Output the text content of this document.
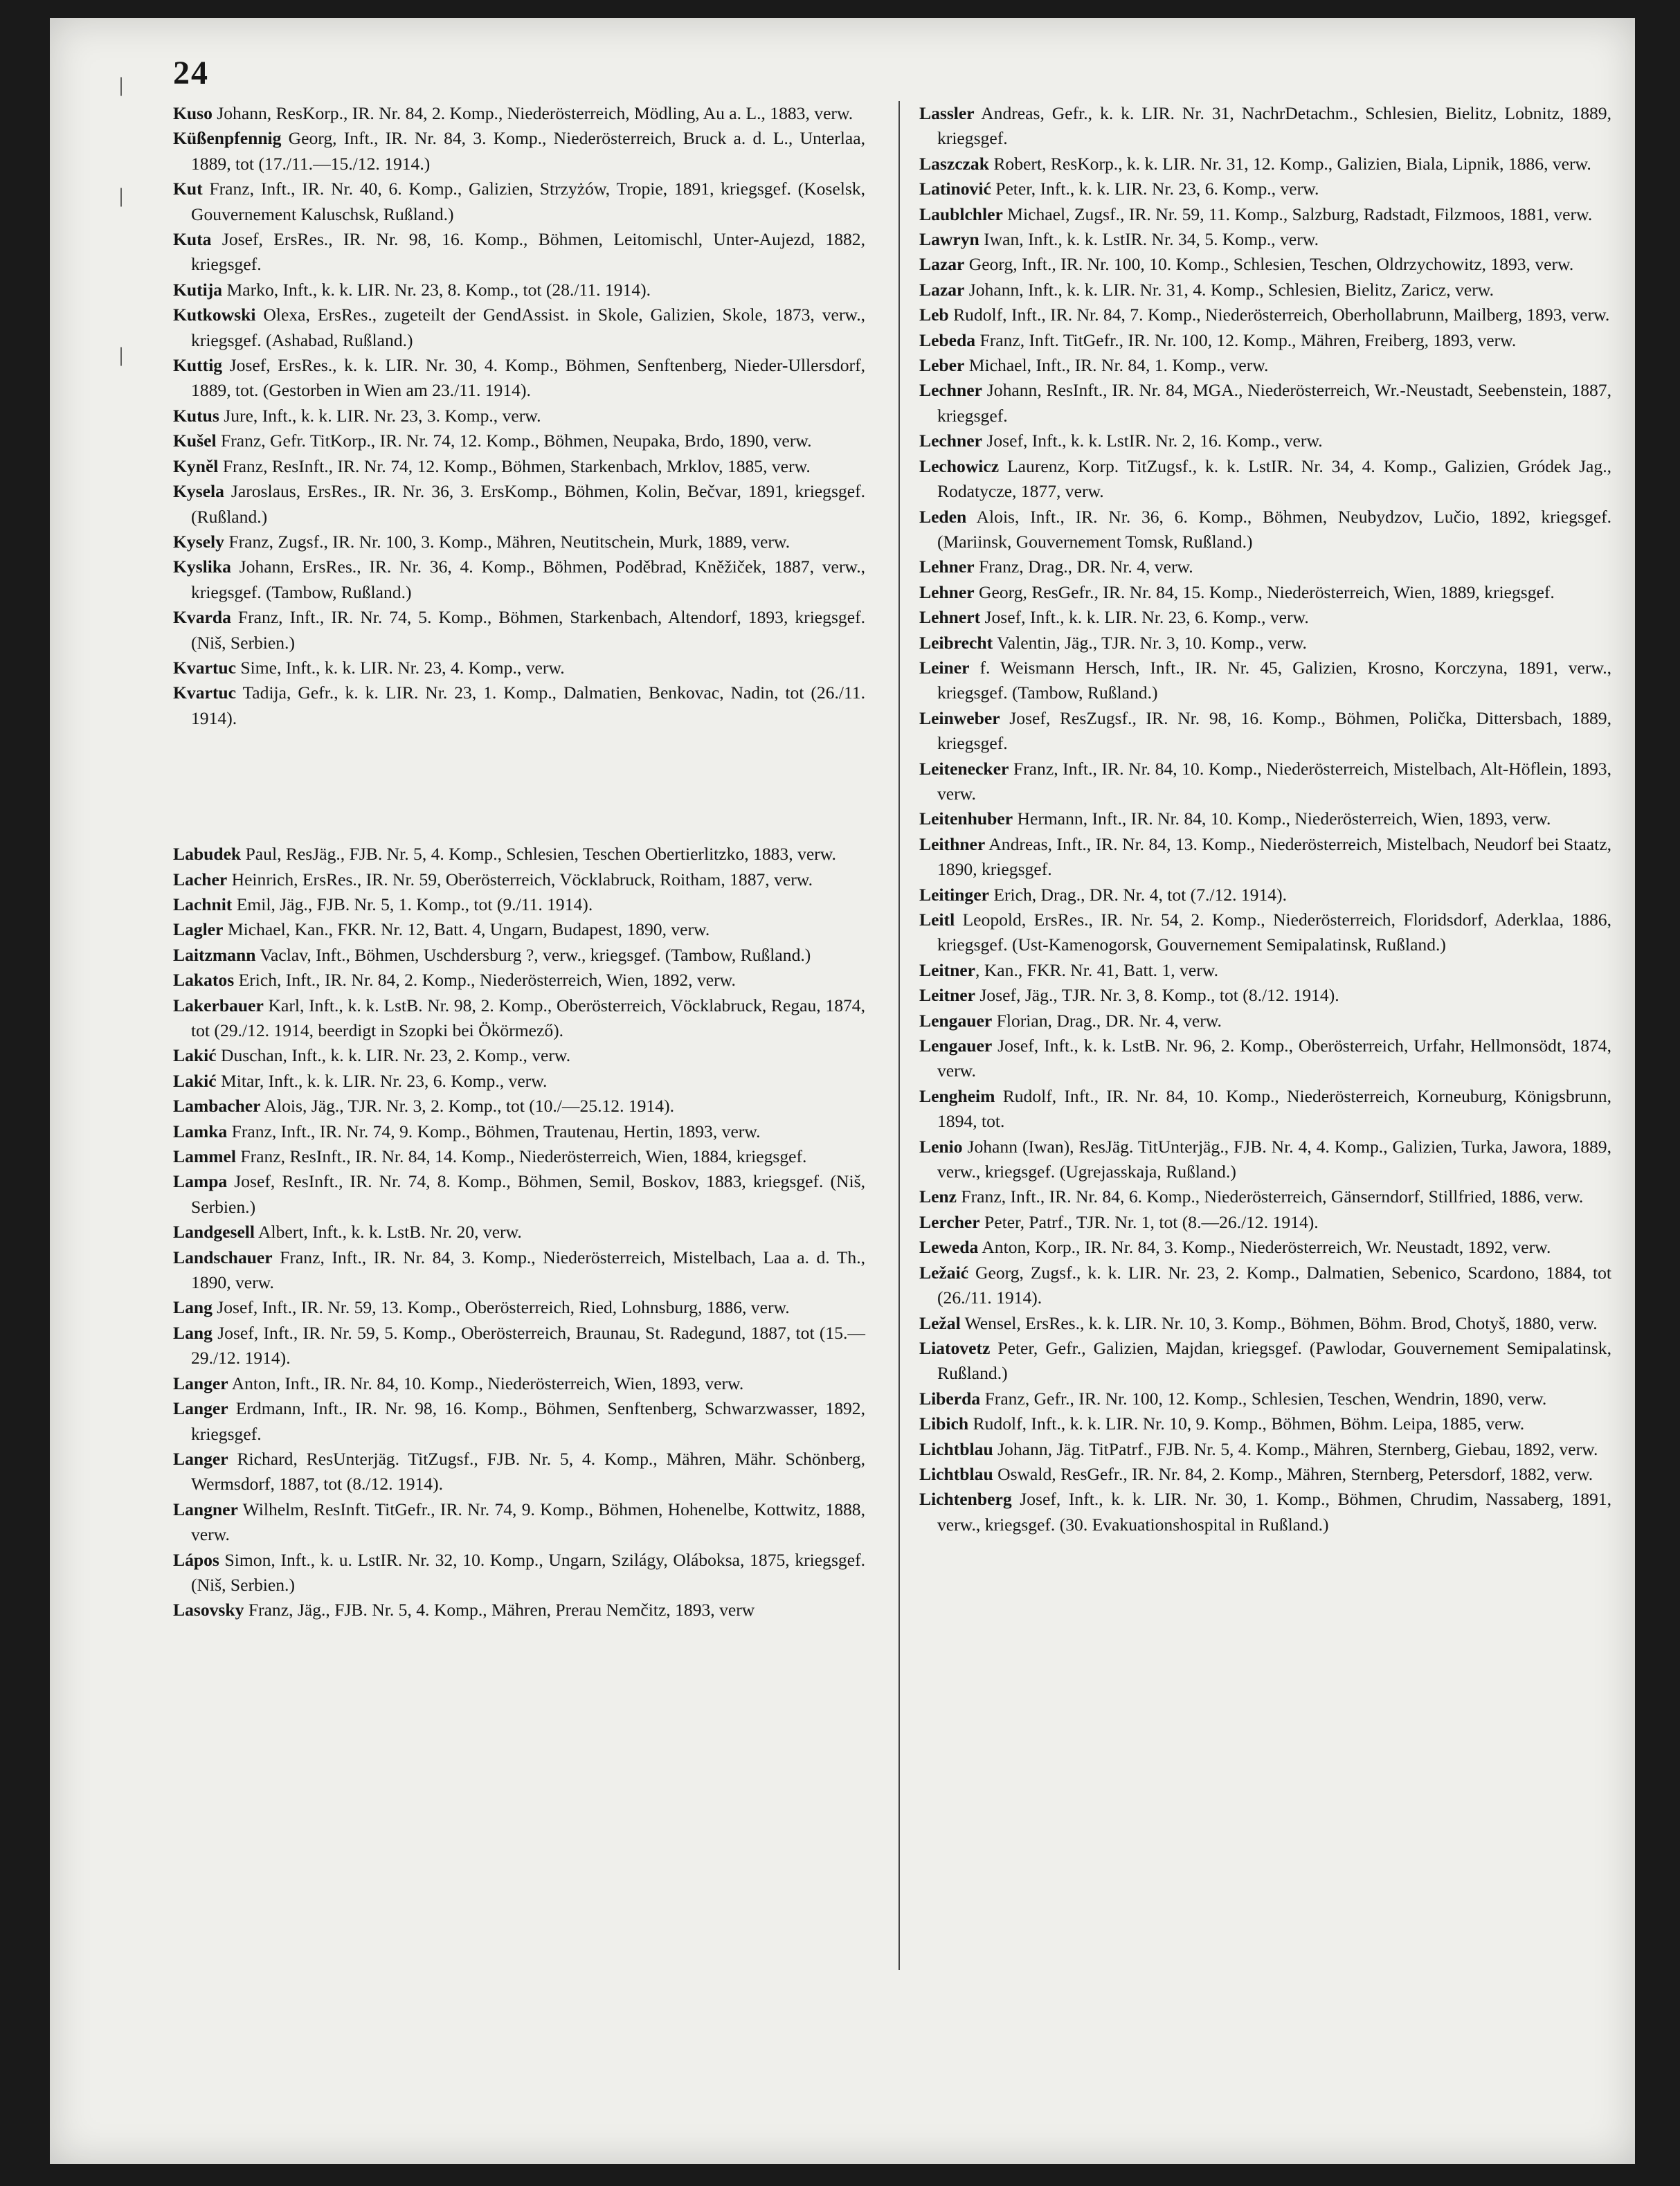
24
Kuso Johann, ResKorp., IR. Nr. 84, 2. Komp., Niederösterreich, Mödling, Au a. L., 1883, verw.
Küßenpfennig Georg, Inft., IR. Nr. 84, 3. Komp., Niederösterreich, Bruck a. d. L., Unterlaa, 1889, tot (17./11.—15./12. 1914.)
Kut Franz, Inft., IR. Nr. 40, 6. Komp., Galizien, Strzyżów, Tropie, 1891, kriegsgef. (Koselsk, Gouvernement Kaluschsk, Rußland.)
Kuta Josef, ErsRes., IR. Nr. 98, 16. Komp., Böhmen, Leitomischl, Unter-Aujezd, 1882, kriegsgef.
Kutija Marko, Inft., k. k. LIR. Nr. 23, 8. Komp., tot (28./11. 1914).
Kutkowski Olexa, ErsRes., zugeteilt der GendAssist. in Skole, Galizien, Skole, 1873, verw., kriegsgef. (Ashabad, Rußland.)
Kuttig Josef, ErsRes., k. k. LIR. Nr. 30, 4. Komp., Böhmen, Senftenberg, Nieder-Ullersdorf, 1889, tot. (Gestorben in Wien am 23./11. 1914).
Kutus Jure, Inft., k. k. LIR. Nr. 23, 3. Komp., verw.
Kušel Franz, Gefr. TitKorp., IR. Nr. 74, 12. Komp., Böhmen, Neupaka, Brdo, 1890, verw.
Kyněl Franz, ResInft., IR. Nr. 74, 12. Komp., Böhmen, Starkenbach, Mrklov, 1885, verw.
Kysela Jaroslaus, ErsRes., IR. Nr. 36, 3. ErsKomp., Böhmen, Kolin, Bečvar, 1891, kriegsgef. (Rußland.)
Kysely Franz, Zugsf., IR. Nr. 100, 3. Komp., Mähren, Neutitschein, Murk, 1889, verw.
Kyslika Johann, ErsRes., IR. Nr. 36, 4. Komp., Böhmen, Poděbrad, Kněžiček, 1887, verw., kriegsgef. (Tambow, Rußland.)
Kvarda Franz, Inft., IR. Nr. 74, 5. Komp., Böhmen, Starkenbach, Altendorf, 1893, kriegsgef. (Niš, Serbien.)
Kvartuc Sime, Inft., k. k. LIR. Nr. 23, 4. Komp., verw.
Kvartuc Tadija, Gefr., k. k. LIR. Nr. 23, 1. Komp., Dalmatien, Benkovac, Nadin, tot (26./11. 1914).
Labudek Paul, ResJäg., FJB. Nr. 5, 4. Komp., Schlesien, Teschen Obertierlitzko, 1883, verw.
Lacher Heinrich, ErsRes., IR. Nr. 59, Oberösterreich, Vöcklabruck, Roitham, 1887, verw.
Lachnit Emil, Jäg., FJB. Nr. 5, 1. Komp., tot (9./11. 1914).
Lagler Michael, Kan., FKR. Nr. 12, Batt. 4, Ungarn, Budapest, 1890, verw.
Laitzmann Vaclav, Inft., Böhmen, Uschdersburg ?, verw., kriegsgef. (Tambow, Rußland.)
Lakatos Erich, Inft., IR. Nr. 84, 2. Komp., Niederösterreich, Wien, 1892, verw.
Lakerbauer Karl, Inft., k. k. LstB. Nr. 98, 2. Komp., Oberösterreich, Vöcklabruck, Regau, 1874, tot (29./12. 1914, beerdigt in Szopki bei Ökörmező).
Lakić Duschan, Inft., k. k. LIR. Nr. 23, 2. Komp., verw.
Lakić Mitar, Inft., k. k. LIR. Nr. 23, 6. Komp., verw.
Lambacher Alois, Jäg., TJR. Nr. 3, 2. Komp., tot (10./—25.12. 1914).
Lamka Franz, Inft., IR. Nr. 74, 9. Komp., Böhmen, Trautenau, Hertin, 1893, verw.
Lammel Franz, ResInft., IR. Nr. 84, 14. Komp., Niederösterreich, Wien, 1884, kriegsgef.
Lampa Josef, ResInft., IR. Nr. 74, 8. Komp., Böhmen, Semil, Boskov, 1883, kriegsgef. (Niš, Serbien.)
Landgesell Albert, Inft., k. k. LstB. Nr. 20, verw.
Landschauer Franz, Inft., IR. Nr. 84, 3. Komp., Niederösterreich, Mistelbach, Laa a. d. Th., 1890, verw.
Lang Josef, Inft., IR. Nr. 59, 13. Komp., Oberösterreich, Ried, Lohnsburg, 1886, verw.
Lang Josef, Inft., IR. Nr. 59, 5. Komp., Oberösterreich, Braunau, St. Radegund, 1887, tot (15.—29./12. 1914).
Langer Anton, Inft., IR. Nr. 84, 10. Komp., Niederösterreich, Wien, 1893, verw.
Langer Erdmann, Inft., IR. Nr. 98, 16. Komp., Böhmen, Senftenberg, Schwarzwasser, 1892, kriegsgef.
Langer Richard, ResUnterjäg. TitZugsf., FJB. Nr. 5, 4. Komp., Mähren, Mähr. Schönberg, Wermsdorf, 1887, tot (8./12. 1914).
Langner Wilhelm, ResInft. TitGefr., IR. Nr. 74, 9. Komp., Böhmen, Hohenelbe, Kottwitz, 1888, verw.
Lápos Simon, Inft., k. u. LstIR. Nr. 32, 10. Komp., Ungarn, Szilágy, Oláboksa, 1875, kriegsgef. (Niš, Serbien.)
Lasovsky Franz, Jäg., FJB. Nr. 5, 4. Komp., Mähren, Prerau Nemčitz, 1893, verw
Lassler Andreas, Gefr., k. k. LIR. Nr. 31, NachrDetachm., Schlesien, Bielitz, Lobnitz, 1889, kriegsgef.
Laszczak Robert, ResKorp., k. k. LIR. Nr. 31, 12. Komp., Galizien, Biala, Lipnik, 1886, verw.
Latinović Peter, Inft., k. k. LIR. Nr. 23, 6. Komp., verw.
Laublchler Michael, Zugsf., IR. Nr. 59, 11. Komp., Salzburg, Radstadt, Filzmoos, 1881, verw.
Lawryn Iwan, Inft., k. k. LstIR. Nr. 34, 5. Komp., verw.
Lazar Georg, Inft., IR. Nr. 100, 10. Komp., Schlesien, Teschen, Oldrzychowitz, 1893, verw.
Lazar Johann, Inft., k. k. LIR. Nr. 31, 4. Komp., Schlesien, Bielitz, Zaricz, verw.
Leb Rudolf, Inft., IR. Nr. 84, 7. Komp., Niederösterreich, Oberhollabrunn, Mailberg, 1893, verw.
Lebeda Franz, Inft. TitGefr., IR. Nr. 100, 12. Komp., Mähren, Freiberg, 1893, verw.
Leber Michael, Inft., IR. Nr. 84, 1. Komp., verw.
Lechner Johann, ResInft., IR. Nr. 84, MGA., Niederösterreich, Wr.-Neustadt, Seebenstein, 1887, kriegsgef.
Lechner Josef, Inft., k. k. LstIR. Nr. 2, 16. Komp., verw.
Lechowicz Laurenz, Korp. TitZugsf., k. k. LstIR. Nr. 34, 4. Komp., Galizien, Gródek Jag., Rodatycze, 1877, verw.
Leden Alois, Inft., IR. Nr. 36, 6. Komp., Böhmen, Neubydzov, Lučio, 1892, kriegsgef. (Mariinsk, Gouvernement Tomsk, Rußland.)
Lehner Franz, Drag., DR. Nr. 4, verw.
Lehner Georg, ResGefr., IR. Nr. 84, 15. Komp., Niederösterreich, Wien, 1889, kriegsgef.
Lehnert Josef, Inft., k. k. LIR. Nr. 23, 6. Komp., verw.
Leibrecht Valentin, Jäg., TJR. Nr. 3, 10. Komp., verw.
Leiner f. Weismann Hersch, Inft., IR. Nr. 45, Galizien, Krosno, Korczyna, 1891, verw., kriegsgef. (Tambow, Rußland.)
Leinweber Josef, ResZugsf., IR. Nr. 98, 16. Komp., Böhmen, Polička, Dittersbach, 1889, kriegsgef.
Leitenecker Franz, Inft., IR. Nr. 84, 10. Komp., Niederösterreich, Mistelbach, Alt-Höflein, 1893, verw.
Leitenhuber Hermann, Inft., IR. Nr. 84, 10. Komp., Niederösterreich, Wien, 1893, verw.
Leithner Andreas, Inft., IR. Nr. 84, 13. Komp., Niederösterreich, Mistelbach, Neudorf bei Staatz, 1890, kriegsgef.
Leitinger Erich, Drag., DR. Nr. 4, tot (7./12. 1914).
Leitl Leopold, ErsRes., IR. Nr. 54, 2. Komp., Niederösterreich, Floridsdorf, Aderklaa, 1886, kriegsgef. (Ust-Kamenogorsk, Gouvernement Semipalatinsk, Rußland.)
Leitner, Kan., FKR. Nr. 41, Batt. 1, verw.
Leitner Josef, Jäg., TJR. Nr. 3, 8. Komp., tot (8./12. 1914).
Lengauer Florian, Drag., DR. Nr. 4, verw.
Lengauer Josef, Inft., k. k. LstB. Nr. 96, 2. Komp., Oberösterreich, Urfahr, Hellmonsödt, 1874, verw.
Lengheim Rudolf, Inft., IR. Nr. 84, 10. Komp., Niederösterreich, Korneuburg, Königsbrunn, 1894, tot.
Lenio Johann (Iwan), ResJäg. TitUnterjäg., FJB. Nr. 4, 4. Komp., Galizien, Turka, Jawora, 1889, verw., kriegsgef. (Ugrejasskaja, Rußland.)
Lenz Franz, Inft., IR. Nr. 84, 6. Komp., Niederösterreich, Gänserndorf, Stillfried, 1886, verw.
Lercher Peter, Patrf., TJR. Nr. 1, tot (8.—26./12. 1914).
Leweda Anton, Korp., IR. Nr. 84, 3. Komp., Niederösterreich, Wr. Neustadt, 1892, verw.
Ležaić Georg, Zugsf., k. k. LIR. Nr. 23, 2. Komp., Dalmatien, Sebenico, Scardono, 1884, tot (26./11. 1914).
Ležal Wensel, ErsRes., k. k. LIR. Nr. 10, 3. Komp., Böhmen, Böhm. Brod, Chotyš, 1880, verw.
Liatovetz Peter, Gefr., Galizien, Majdan, kriegsgef. (Pawlodar, Gouvernement Semipalatinsk, Rußland.)
Liberda Franz, Gefr., IR. Nr. 100, 12. Komp., Schlesien, Teschen, Wendrin, 1890, verw.
Libich Rudolf, Inft., k. k. LIR. Nr. 10, 9. Komp., Böhmen, Böhm. Leipa, 1885, verw.
Lichtblau Johann, Jäg. TitPatrf., FJB. Nr. 5, 4. Komp., Mähren, Sternberg, Giebau, 1892, verw.
Lichtblau Oswald, ResGefr., IR. Nr. 84, 2. Komp., Mähren, Sternberg, Petersdorf, 1882, verw.
Lichtenberg Josef, Inft., k. k. LIR. Nr. 30, 1. Komp., Böhmen, Chrudim, Nassaberg, 1891, verw., kriegsgef. (30. Evakuationshospital in Rußland.)
|
|
|
